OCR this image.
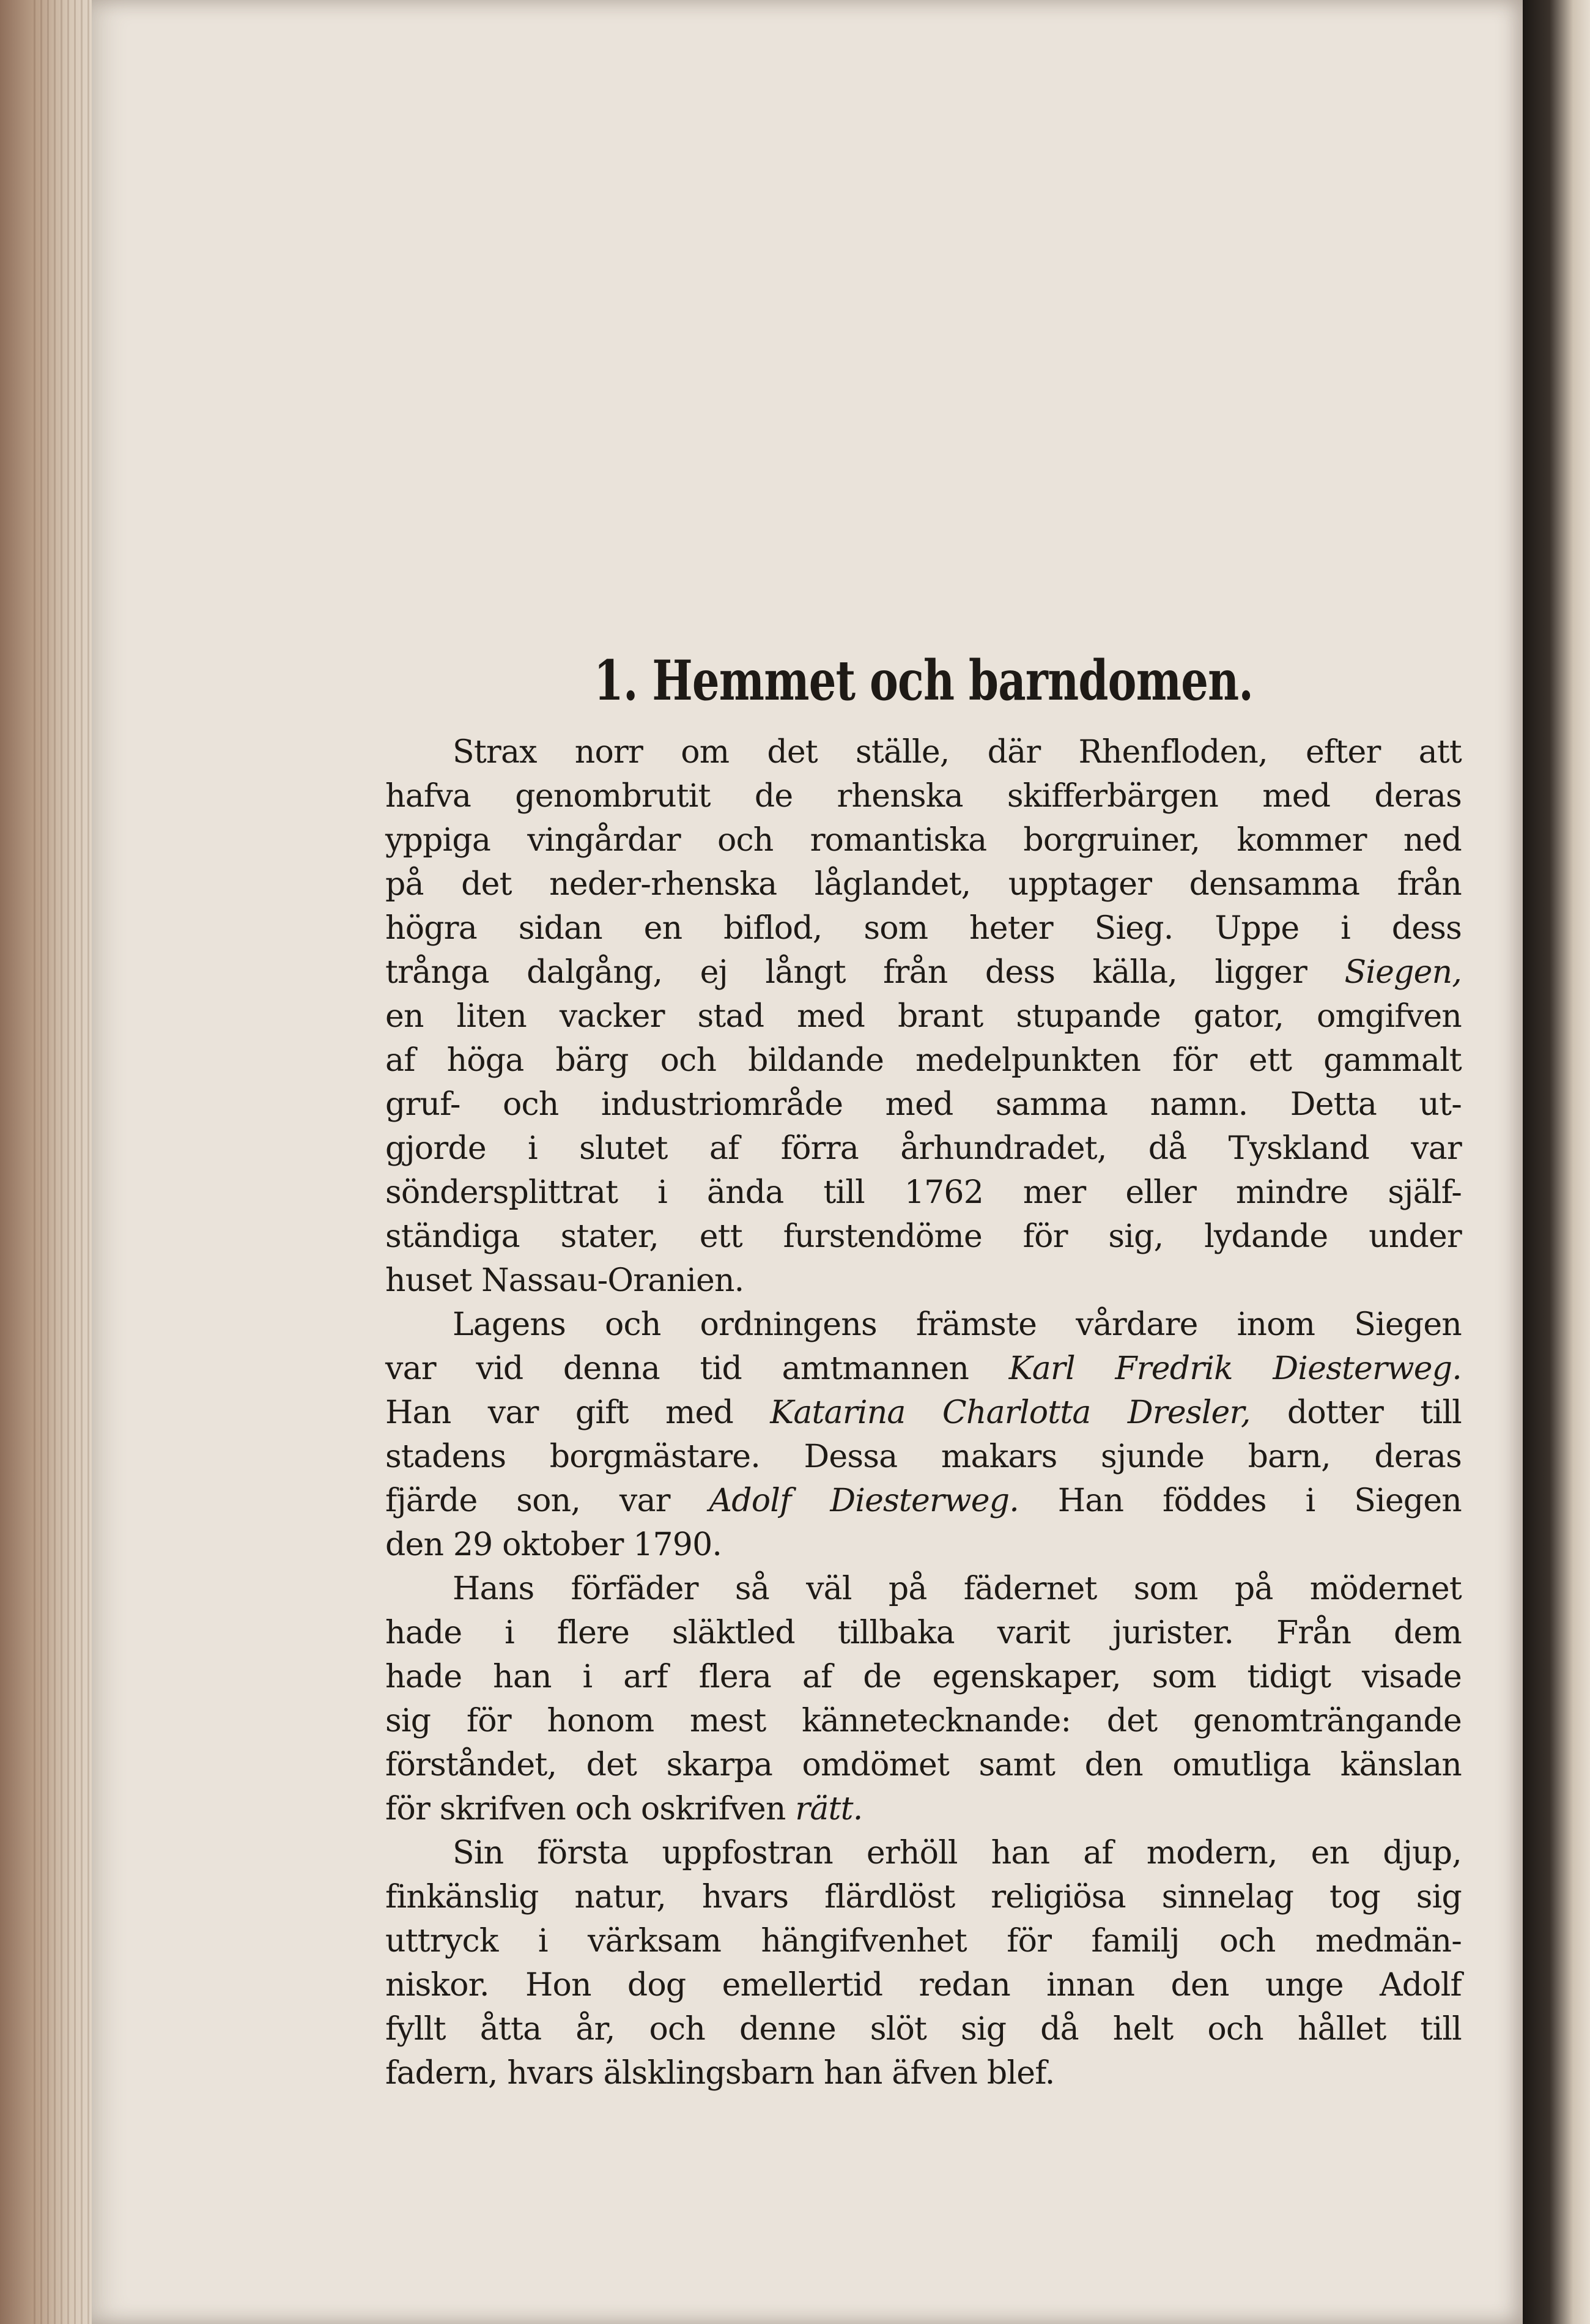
1. Hemmet och barndomen.
Strax norr om det ställe, där Rhenfloden, efter att
hafva genombrutit de rhenska skifferbärgen med deras
yppiga vingårdar och romantiska borgruiner, kommer ned
på det neder-rhenska låglandet, upptager densamma från
högra sidan en biflod, som heter Sieg. Uppe i dess
trånga dalgång, ej långt från dess källa, ligger Siegen,
en liten vacker stad med brant stupande gator, omgifven
af höga bärg och bildande medelpunkten för ett gammalt
gruf- och industriområde med samma namn. Detta ut-
gjorde i slutet af förra århundradet, då Tyskland var
söndersplittrat i ända till 1762 mer eller mindre själf-
ständiga stater, ett furstendöme för sig, lydande under
huset Nassau-Oranien.
Lagens och ordningens främste vårdare inom Siegen
var vid denna tid amtmannen Karl Fredrik Diesterweg.
Han var gift med Katarina Charlotta Dresler, dotter till
stadens borgmästare. Dessa makars sjunde barn, deras
fjärde son, var Adolf Diesterweg. Han föddes i Siegen
den 29 oktober 1790.
Hans förfäder så väl på fädernet som på mödernet
hade i flere släktled tillbaka varit jurister. Från dem
hade han i arf flera af de egenskaper, som tidigt visade
sig för honom mest kännetecknande: det genomträngande
förståndet, det skarpa omdömet samt den omutliga känslan
för skrifven och oskrifven rätt.
Sin första uppfostran erhöll han af modern, en djup,
finkänslig natur, hvars flärdlöst religiösa sinnelag tog sig
uttryck i värksam hängifvenhet för familj och medmän-
niskor. Hon dog emellertid redan innan den unge Adolf
fyllt åtta år, och denne slöt sig då helt och hållet till
fadern, hvars älsklingsbarn han äfven blef.
